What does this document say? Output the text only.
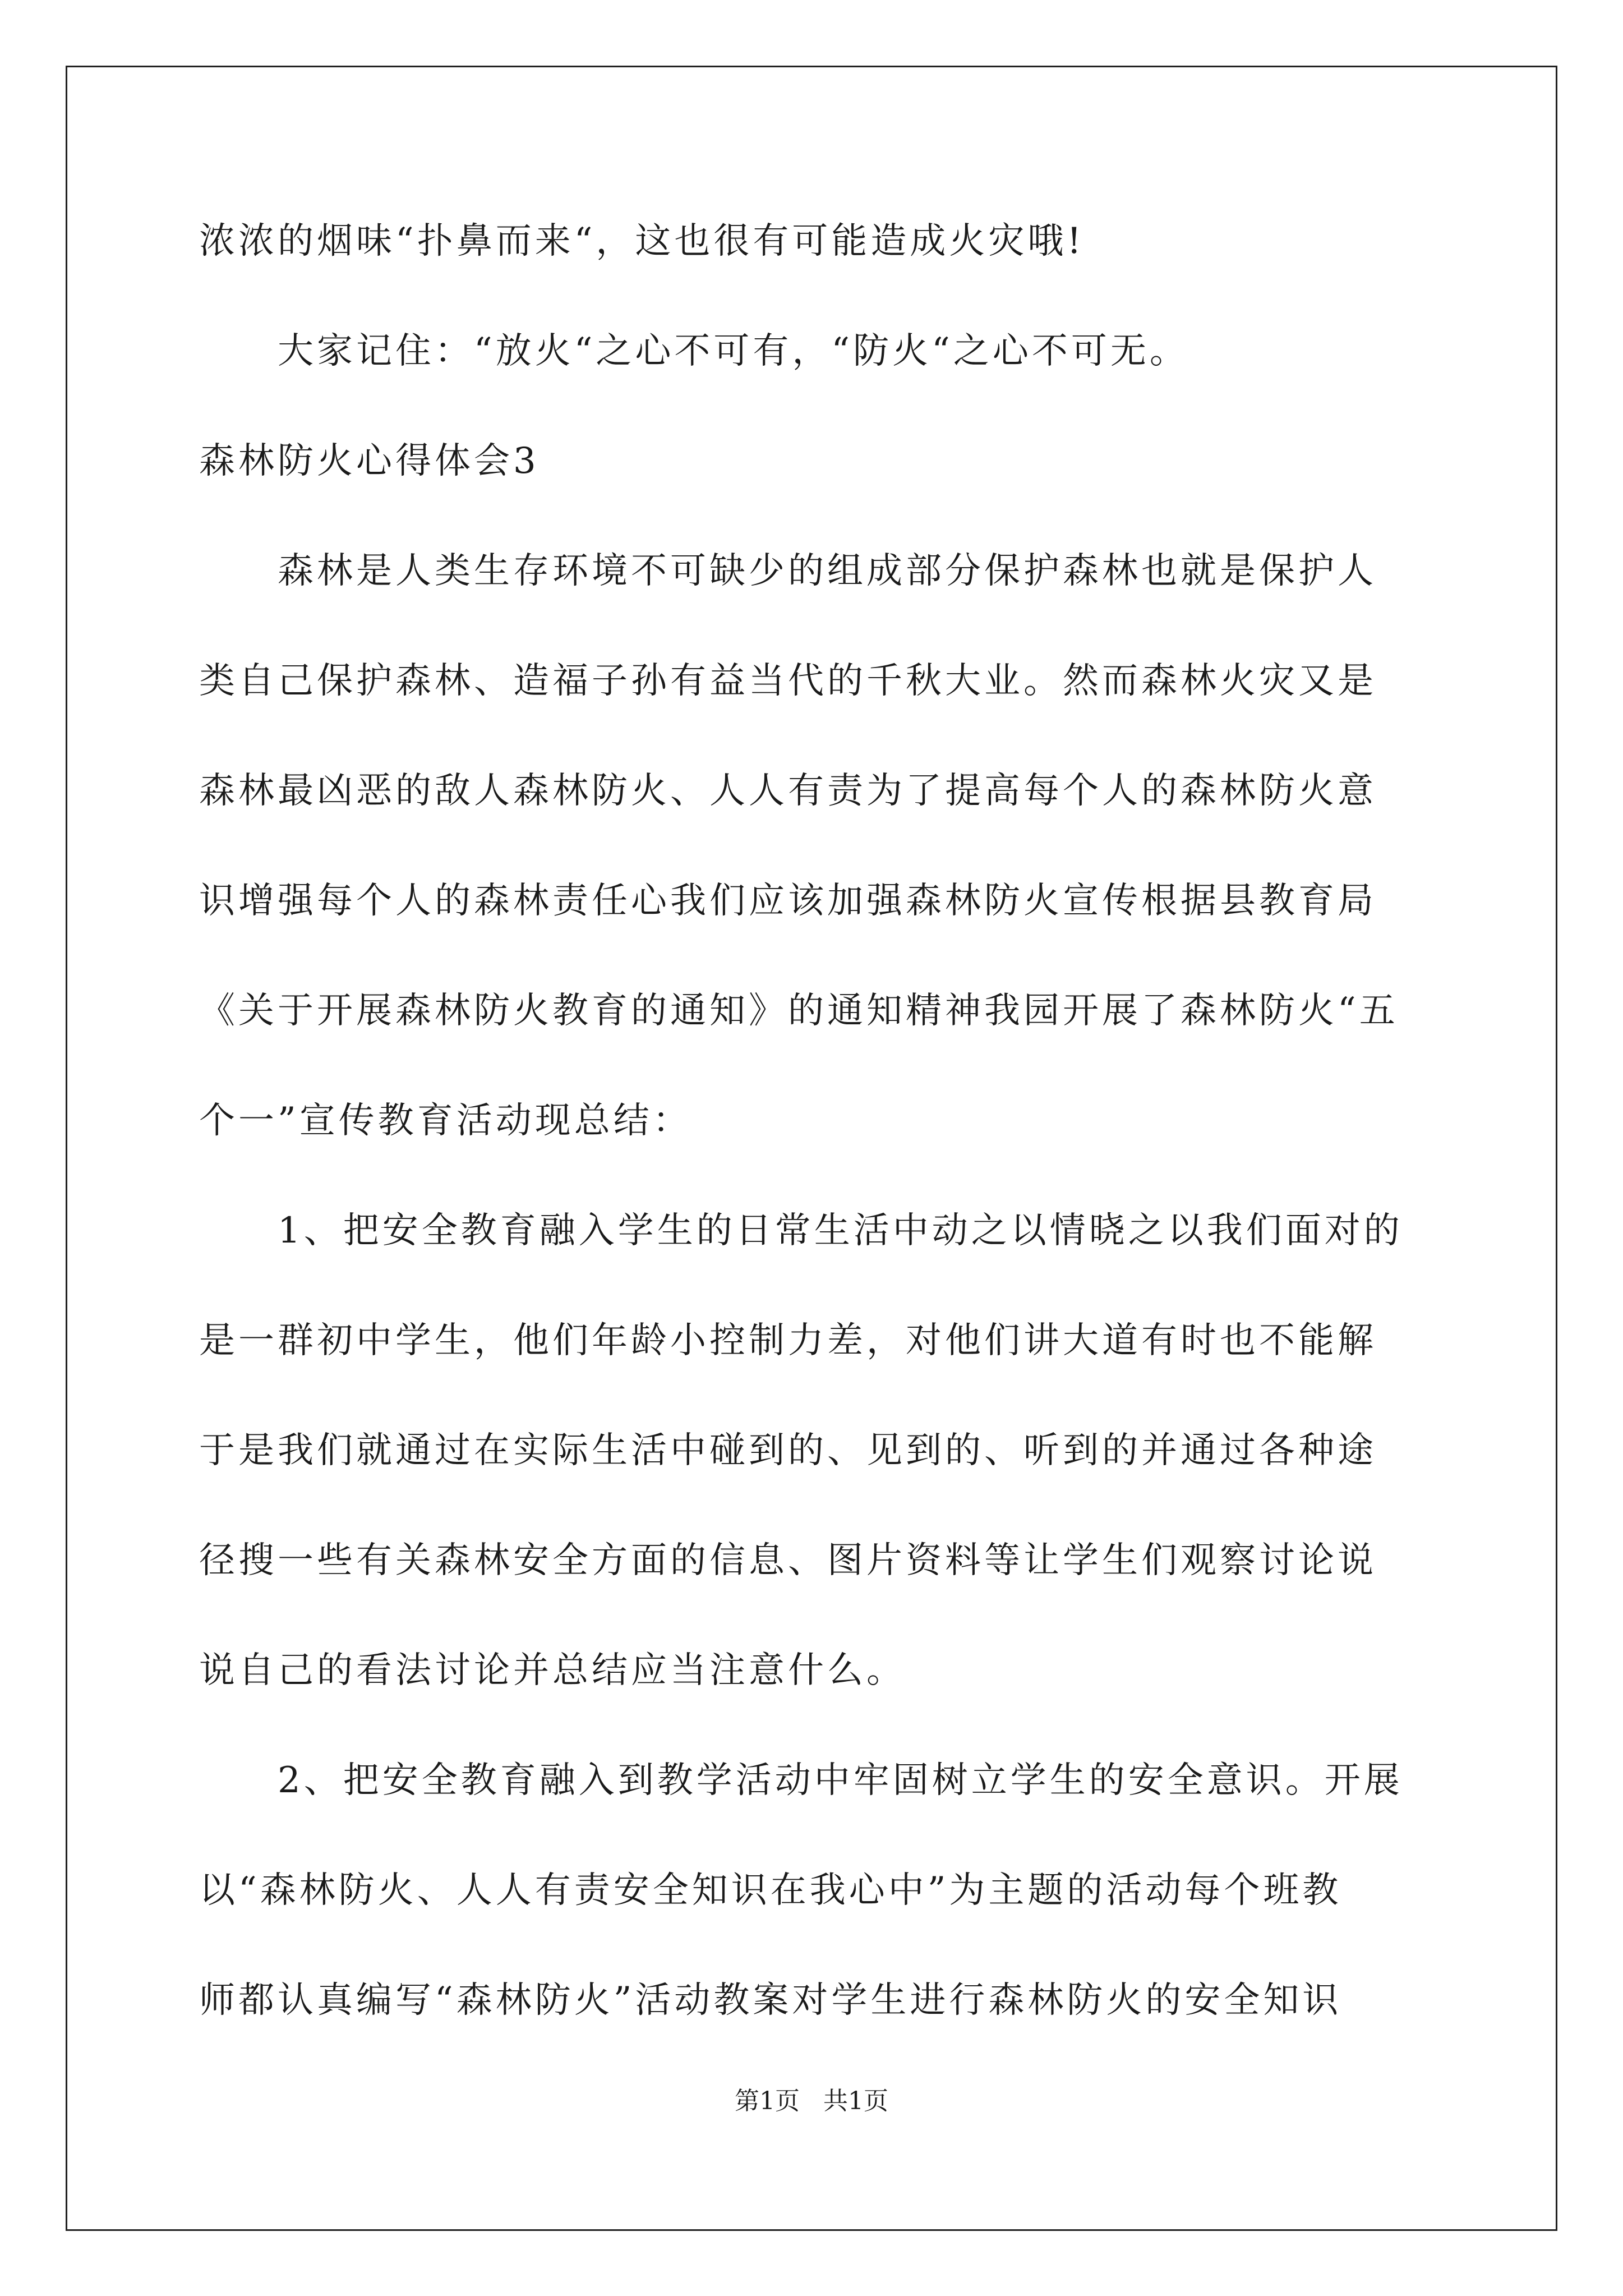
浓浓的烟味“扑鼻而来“，这也很有可能造成火灾哦!

大家记住：“放火“之心不可有，“防火“之心不可无。

森林防火心得体会3

森林是人类生存环境不可缺少的组成部分保护森林也就是保护人

类自己保护森林、造福子孙有益当代的千秋大业。然而森林火灾又是

森林最凶恶的敌人森林防火、人人有责为了提高每个人的森林防火意

识增强每个人的森林责任心我们应该加强森林防火宣传根据县教育局

《关于开展森林防火教育的通知》的通知精神我园开展了森林防火“五

个一”宣传教育活动现总结：

1、把安全教育融入学生的日常生活中动之以情晓之以我们面对的

是一群初中学生，他们年龄小控制力差，对他们讲大道有时也不能解

于是我们就通过在实际生活中碰到的、见到的、听到的并通过各种途

径搜一些有关森林安全方面的信息、图片资料等让学生们观察讨论说

说自己的看法讨论并总结应当注意什么。

2、把安全教育融入到教学活动中牢固树立学生的安全意识。开展

以“森林防火、人人有责安全知识在我心中”为主题的活动每个班教

师都认真编写“森林防火”活动教案对学生进行森林防火的安全知识

第1页   共1页
